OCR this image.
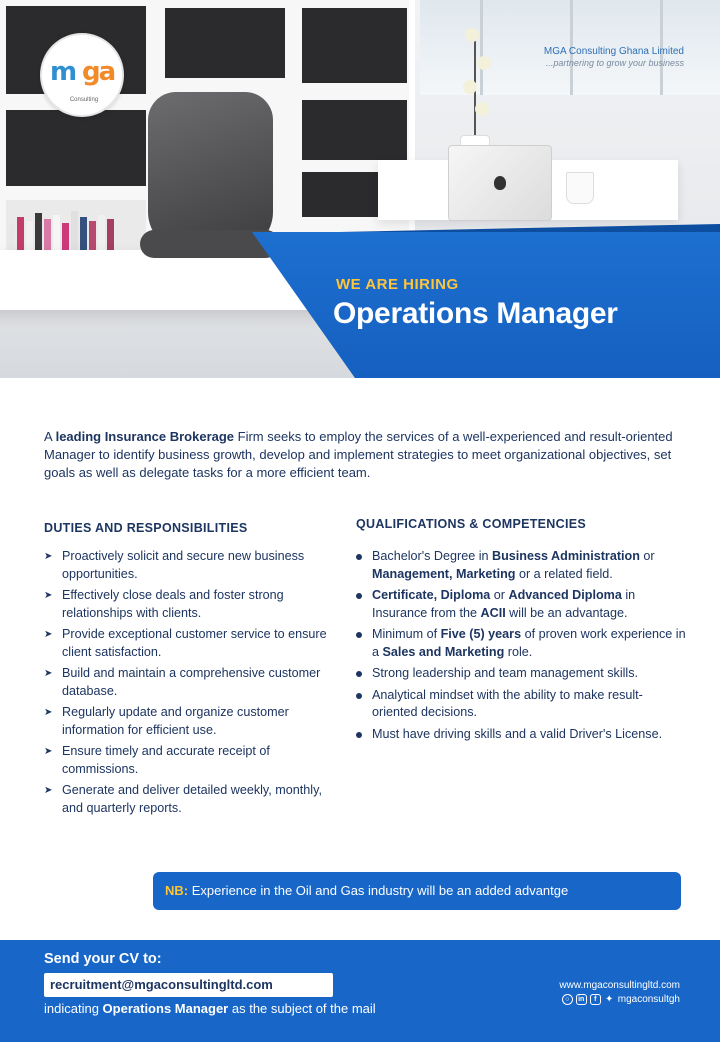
m ga
Consulting
MGA Consulting Ghana Limited
...partnering to grow your business
WE ARE HIRING
Operations Manager

A leading Insurance Brokerage Firm seeks to employ the services of a well-experienced and result-oriented Manager to identify business growth, develop and implement strategies to meet organizational objectives, set goals as well as delegate tasks for a more efficient team.

DUTIES AND RESPONSIBILITIES
➤ Proactively solicit and secure new business opportunities.
➤ Effectively close deals and foster strong relationships with clients.
➤ Provide exceptional customer service to ensure client satisfaction.
➤ Build and maintain a comprehensive customer database.
➤ Regularly update and organize customer information for efficient use.
➤ Ensure timely and accurate receipt of commissions.
➤ Generate and deliver detailed weekly, monthly, and quarterly reports.
QUALIFICATIONS & COMPETENCIES
Bachelor's Degree in Business Administration or Management, Marketing or a related field.
Certificate, Diploma or Advanced Diploma in Insurance from the ACII will be an advantage.
Minimum of Five (5) years of proven work experience in a Sales and Marketing role.
Strong leadership and team management skills.
Analytical mindset with the ability to make result-oriented decisions.
Must have driving skills and a valid Driver's License.
NB: Experience in the Oil and Gas industry will be an added advantge
Send your CV to:
recruitment@mgaconsultingltd.com
indicating Operations Manager as the subject of the mail
www.mgaconsultingltd.com
○	in	f ✦ mgaconsultgh
